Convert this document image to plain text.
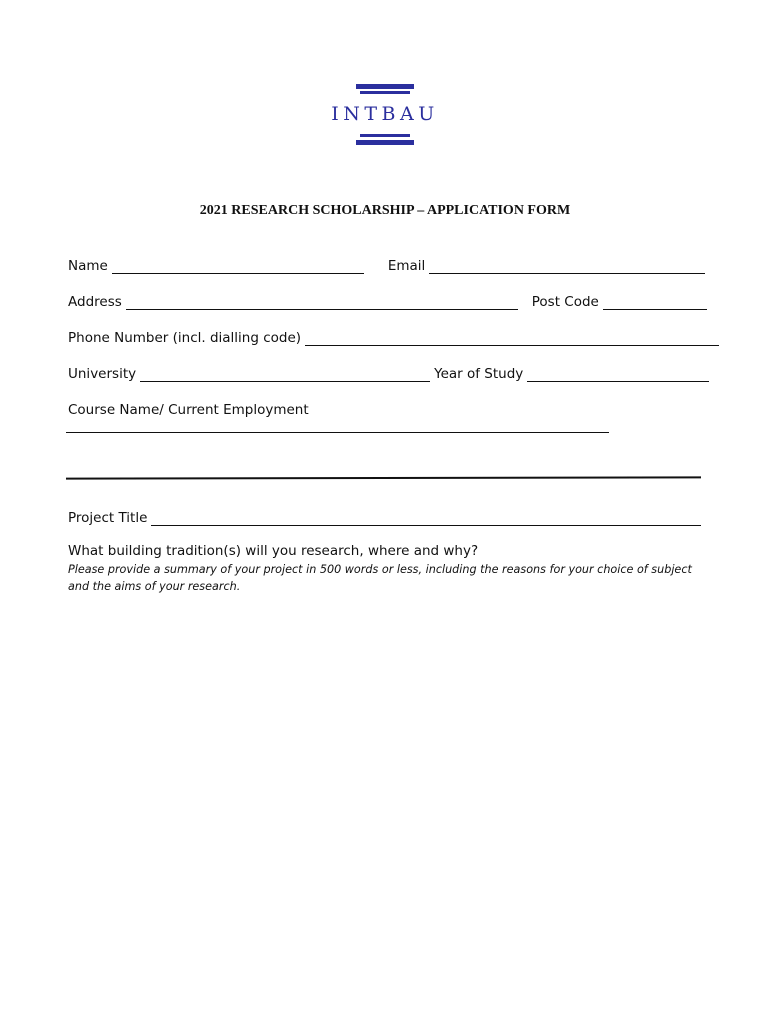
INTBAU
2021 RESEARCH SCHOLARSHIP – APPLICATION FORM
Name	Email
Address	Post Code
Phone Number (incl. dialling code)
University	Year of Study
Course Name/ Current Employment
Project Title
What building tradition(s) will you research, where and why?
Please provide a summary of your project in 500 words or less, including the reasons for your choice of subject and the aims of your research.
